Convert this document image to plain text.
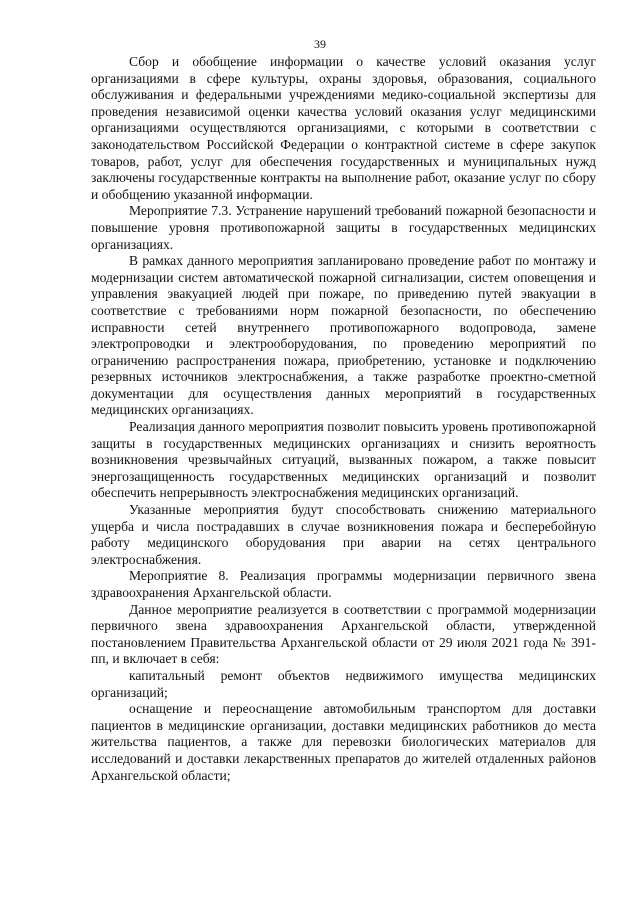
39

Сбор и обобщение информации о качестве условий оказания услуг организациями в сфере культуры, охраны здоровья, образования, социального обслуживания и федеральными учреждениями медико-социальной экспертизы для проведения независимой оценки качества условий оказания услуг медицинскими организациями осуществляются организациями, с которыми в соответствии с законодательством Российской Федерации о контрактной системе в сфере закупок товаров, работ, услуг для обеспечения государственных и муниципальных нужд заключены государственные контракты на выполнение работ, оказание услуг по сбору и обобщению указанной информации.

Мероприятие 7.3. Устранение нарушений требований пожарной безопасности и повышение уровня противопожарной защиты в государственных медицинских организациях.

В рамках данного мероприятия запланировано проведение работ по монтажу и модернизации систем автоматической пожарной сигнализации, систем оповещения и управления эвакуацией людей при пожаре, по приведению путей эвакуации в соответствие с требованиями норм пожарной безопасности, по обеспечению исправности сетей внутреннего противопожарного водопровода, замене электропроводки и электрооборудования, по проведению мероприятий по ограничению распространения пожара, приобретению, установке и подключению резервных источников электроснабжения, а также разработке проектно-сметной документации для осуществления данных мероприятий в государственных медицинских организациях.

Реализация данного мероприятия позволит повысить уровень противопожарной защиты в государственных медицинских организациях и снизить вероятность возникновения чрезвычайных ситуаций, вызванных пожаром, а также повысит энергозащищенность государственных медицинских организаций и позволит обеспечить непрерывность электроснабжения медицинских организаций.

Указанные мероприятия будут способствовать снижению материального ущерба и числа пострадавших в случае возникновения пожара и бесперебойную работу медицинского оборудования при аварии на сетях центрального электроснабжения.

Мероприятие 8. Реализация программы модернизации первичного звена здравоохранения Архангельской области.

Данное мероприятие реализуется в соответствии с программой модернизации первичного звена здравоохранения Архангельской области, утвержденной постановлением Правительства Архангельской области от 29 июля 2021 года № 391-пп, и включает в себя:

капитальный ремонт объектов недвижимого имущества медицинских организаций;

оснащение и переоснащение автомобильным транспортом для доставки пациентов в медицинские организации, доставки медицинских работников до места жительства пациентов, а также для перевозки биологических материалов для исследований и доставки лекарственных препаратов до жителей отдаленных районов Архангельской области;
